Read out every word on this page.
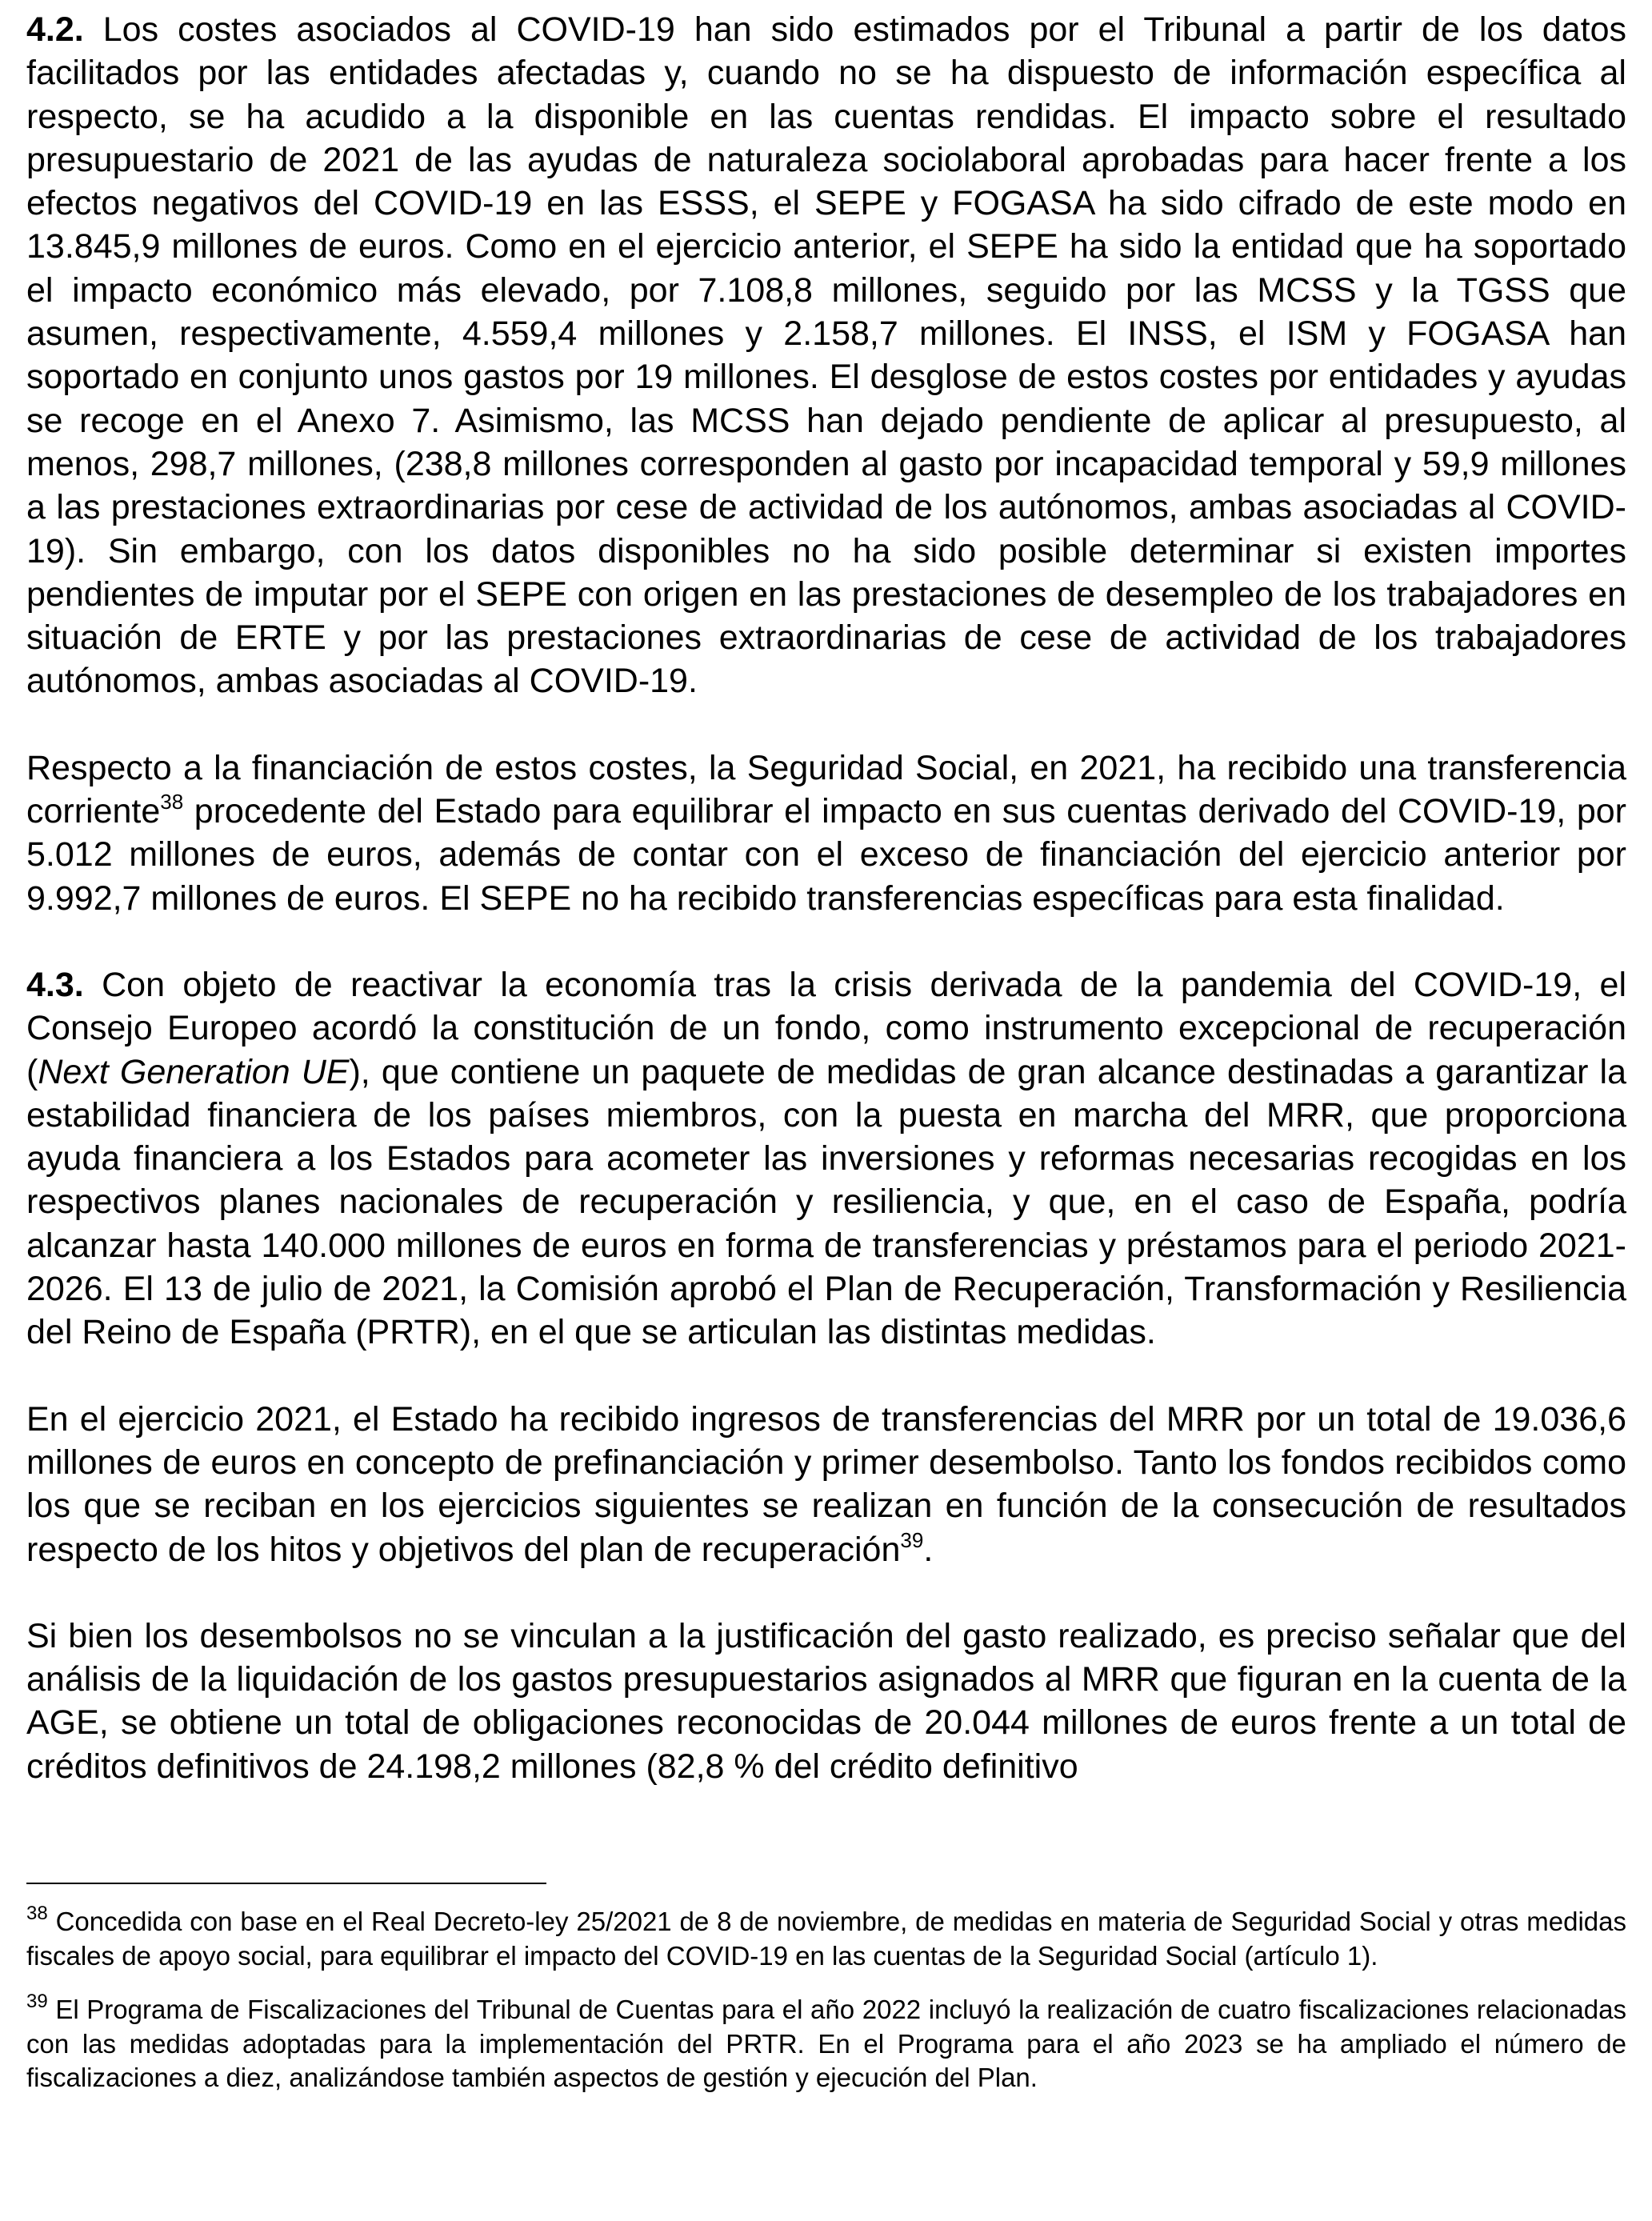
4.2. Los costes asociados al COVID-19 han sido estimados por el Tribunal a partir de los datos facilitados por las entidades afectadas y, cuando no se ha dispuesto de información específica al respecto, se ha acudido a la disponible en las cuentas rendidas. El impacto sobre el resultado presupuestario de 2021 de las ayudas de naturaleza sociolaboral aprobadas para hacer frente a los efectos negativos del COVID-19 en las ESSS, el SEPE y FOGASA ha sido cifrado de este modo en 13.845,9 millones de euros. Como en el ejercicio anterior, el SEPE ha sido la entidad que ha soportado el impacto económico más elevado, por 7.108,8 millones, seguido por las MCSS y la TGSS que asumen, respectivamente, 4.559,4 millones y 2.158,7 millones. El INSS, el ISM y FOGASA han soportado en conjunto unos gastos por 19 millones. El desglose de estos costes por entidades y ayudas se recoge en el Anexo 7. Asimismo, las MCSS han dejado pendiente de aplicar al presupuesto, al menos, 298,7 millones, (238,8 millones corresponden al gasto por incapacidad temporal y 59,9 millones a las prestaciones extraordinarias por cese de actividad de los autónomos, ambas asociadas al COVID-19). Sin embargo, con los datos disponibles no ha sido posible determinar si existen importes pendientes de imputar por el SEPE con origen en las prestaciones de desempleo de los trabajadores en situación de ERTE y por las prestaciones extraordinarias de cese de actividad de los trabajadores autónomos, ambas asociadas al COVID-19.

Respecto a la financiación de estos costes, la Seguridad Social, en 2021, ha recibido una transferencia corriente$^{38}$ procedente del Estado para equilibrar el impacto en sus cuentas derivado del COVID-19, por 5.012 millones de euros, además de contar con el exceso de financiación del ejercicio anterior por 9.992,7 millones de euros. El SEPE no ha recibido transferencias específicas para esta finalidad.

4.3. Con objeto de reactivar la economía tras la crisis derivada de la pandemia del COVID-19, el Consejo Europeo acordó la constitución de un fondo, como instrumento excepcional de recuperación (Next Generation UE), que contiene un paquete de medidas de gran alcance destinadas a garantizar la estabilidad financiera de los países miembros, con la puesta en marcha del MRR, que proporciona ayuda financiera a los Estados para acometer las inversiones y reformas necesarias recogidas en los respectivos planes nacionales de recuperación y resiliencia, y que, en el caso de España, podría alcanzar hasta 140.000 millones de euros en forma de transferencias y préstamos para el periodo 2021-2026. El 13 de julio de 2021, la Comisión aprobó el Plan de Recuperación, Transformación y Resiliencia del Reino de España (PRTR), en el que se articulan las distintas medidas.

En el ejercicio 2021, el Estado ha recibido ingresos de transferencias del MRR por un total de 19.036,6 millones de euros en concepto de prefinanciación y primer desembolso. Tanto los fondos recibidos como los que se reciban en los ejercicios siguientes se realizan en función de la consecución de resultados respecto de los hitos y objetivos del plan de recuperación$^{39}$.

Si bien los desembolsos no se vinculan a la justificación del gasto realizado, es preciso señalar que del análisis de la liquidación de los gastos presupuestarios asignados al MRR que figuran en la cuenta de la AGE, se obtiene un total de obligaciones reconocidas de 20.044 millones de euros frente a un total de créditos definitivos de 24.198,2 millones (82,8 % del crédito definitivo

$^{38}$ Concedida con base en el Real Decreto-ley 25/2021 de 8 de noviembre, de medidas en materia de Seguridad Social y otras medidas fiscales de apoyo social, para equilibrar el impacto del COVID-19 en las cuentas de la Seguridad Social (artículo 1).

$^{39}$ El Programa de Fiscalizaciones del Tribunal de Cuentas para el año 2022 incluyó la realización de cuatro fiscalizaciones relacionadas con las medidas adoptadas para la implementación del PRTR. En el Programa para el año 2023 se ha ampliado el número de fiscalizaciones a diez, analizándose también aspectos de gestión y ejecución del Plan.
